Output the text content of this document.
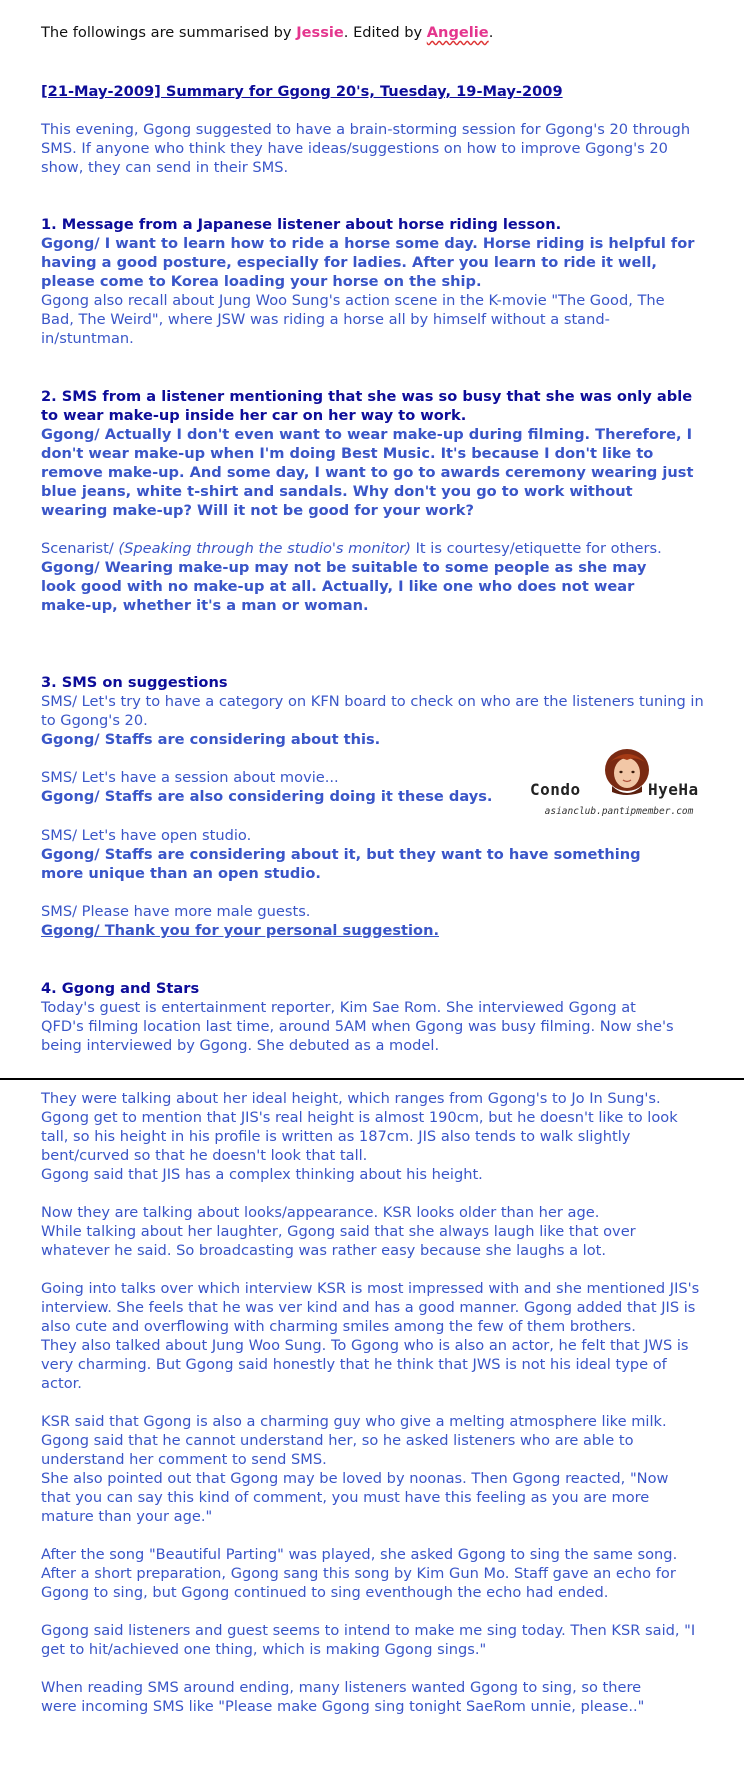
The followings are summarised by Jessie. Edited by Angelie.

[21-May-2009] Summary for Ggong 20's, Tuesday, 19-May-2009

This evening, Ggong suggested to have a brain-storming session for Ggong's 20 through SMS. If anyone who think they have ideas/suggestions on how to improve Ggong's 20 show, they can send in their SMS.

1. Message from a Japanese listener about horse riding lesson.

Ggong/ I want to learn how to ride a horse some day. Horse riding is helpful for having a good posture, especially for ladies. After you learn to ride it well, please come to Korea loading your horse on the ship.

Ggong also recall about Jung Woo Sung's action scene in the K-movie "The Good, The Bad, The Weird", where JSW was riding a horse all by himself without a stand-in/stuntman.

2. SMS from a listener mentioning that she was so busy that she was only able to wear make-up inside her car on her way to work.

Ggong/ Actually I don't even want to wear make-up during filming. Therefore, I don't wear make-up when I'm doing Best Music. It's because I don't like to remove make-up. And some day, I want to go to awards ceremony wearing just blue jeans, white t-shirt and sandals. Why don't you go to work without wearing make-up? Will it not be good for your work?

Scenarist/ (Speaking through the studio's monitor) It is courtesy/etiquette for others.

Ggong/ Wearing make-up may not be suitable to some people as she may look good with no make-up at all. Actually, I like one who does not wear make-up, whether it's a man or woman.

3. SMS on suggestions

SMS/ Let's try to have a category on KFN board to check on who are the listeners tuning in to Ggong's 20.

Ggong/ Staffs are considering about this.

SMS/ Let's have a session about movie...

Ggong/ Staffs are also considering doing it these days.

SMS/ Let's have open studio.

Ggong/ Staffs are considering about it, but they want to have something more unique than an open studio.

SMS/ Please have more male guests.

Ggong/ Thank you for your personal suggestion.

Condo	HyeHa
asianclub.pantipmember.com

4. Ggong and Stars

Today's guest is entertainment reporter, Kim Sae Rom. She interviewed Ggong at QFD's filming location last time, around 5AM when Ggong was busy filming. Now she's being interviewed by Ggong. She debuted as a model.

They were talking about her ideal height, which ranges from Ggong's to Jo In Sung's. Ggong get to mention that JIS's real height is almost 190cm, but he doesn't like to look tall, so his height in his profile is written as 187cm. JIS also tends to walk slightly bent/curved so that he doesn't look that tall.

Ggong said that JIS has a complex thinking about his height.

Now they are talking about looks/appearance. KSR looks older than her age.

While talking about her laughter, Ggong said that she always laugh like that over whatever he said. So broadcasting was rather easy because she laughs a lot.

Going into talks over which interview KSR is most impressed with and she mentioned JIS's interview. She feels that he was ver kind and has a good manner. Ggong added that JIS is also cute and overflowing with charming smiles among the few of them brothers.

They also talked about Jung Woo Sung. To Ggong who is also an actor, he felt that JWS is very charming. But Ggong said honestly that he think that JWS is not his ideal type of actor.

KSR said that Ggong is also a charming guy who give a melting atmosphere like milk. Ggong said that he cannot understand her, so he asked listeners who are able to understand her comment to send SMS.

She also pointed out that Ggong may be loved by noonas. Then Ggong reacted, "Now that you can say this kind of comment, you must have this feeling as you are more mature than your age."

After the song "Beautiful Parting" was played, she asked Ggong to sing the same song. After a short preparation, Ggong sang this song by Kim Gun Mo. Staff gave an echo for Ggong to sing, but Ggong continued to sing eventhough the echo had ended.

Ggong said listeners and guest seems to intend to make me sing today. Then KSR said, "I get to hit/achieved one thing, which is making Ggong sings."

When reading SMS around ending, many listeners wanted Ggong to sing, so there were incoming SMS like "Please make Ggong sing tonight SaeRom unnie, please.."
